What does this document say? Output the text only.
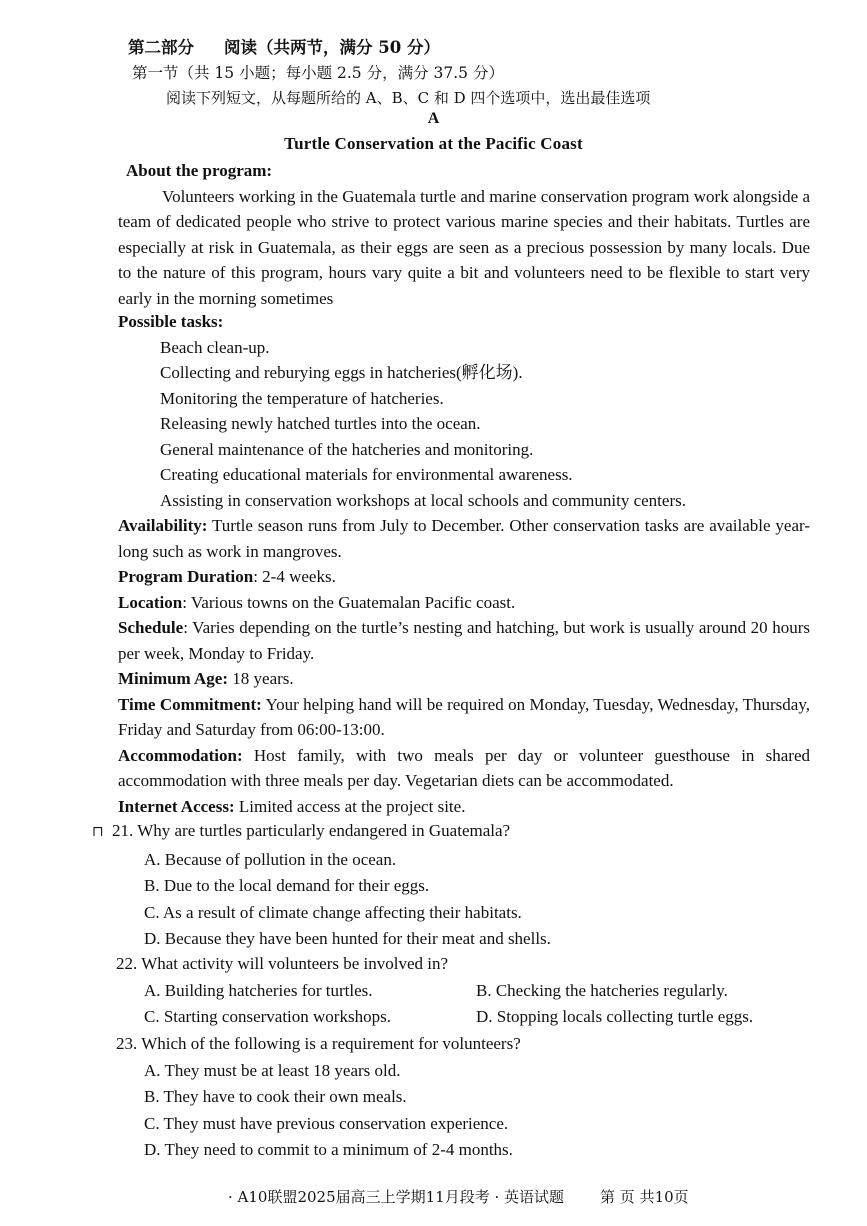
第二部分 阅读（共两节，满分 50 分）
第一节（共 15 小题；每小题 2.5 分，满分 37.5 分）
阅读下列短文，从每题所给的 A、B、C 和 D 四个选项中，选出最佳选项
A
Turtle Conservation at the Pacific Coast
About the program:
Volunteers working in the Guatemala turtle and marine conservation program work alongside a team of dedicated people who strive to protect various marine species and their habitats. Turtles are especially at risk in Guatemala, as their eggs are seen as a precious possession by many locals. Due to the nature of this program, hours vary quite a bit and volunteers need to be flexible to start very early in the morning sometimes
Possible tasks:
Beach clean-up.
Collecting and reburying eggs in hatcheries(孵化场).
Monitoring the temperature of hatcheries.
Releasing newly hatched turtles into the ocean.
General maintenance of the hatcheries and monitoring.
Creating educational materials for environmental awareness.
Assisting in conservation workshops at local schools and community centers.
Availability: Turtle season runs from July to December. Other conservation tasks are available year-long such as work in mangroves.
Program Duration: 2-4 weeks.
Location: Various towns on the Guatemalan Pacific coast.
Schedule: Varies depending on the turtle’s nesting and hatching, but work is usually around 20 hours per week, Monday to Friday.
Minimum Age: 18 years.
Time Commitment: Your helping hand will be required on Monday, Tuesday, Wednesday, Thursday, Friday and Saturday from 06:00-13:00.
Accommodation: Host family, with two meals per day or volunteer guesthouse in shared accommodation with three meals per day. Vegetarian diets can be accommodated.
Internet Access: Limited access at the project site.
⊓ 21. Why are turtles particularly endangered in Guatemala?
A. Because of pollution in the ocean.
B. Due to the local demand for their eggs.
C. As a result of climate change affecting their habitats.
D. Because they have been hunted for their meat and shells.
22. What activity will volunteers be involved in?
A. Building hatcheries for turtles.	B. Checking the hatcheries regularly.
C. Starting conservation workshops.	D. Stopping locals collecting turtle eggs.
23. Which of the following is a requirement for volunteers?
A. They must be at least 18 years old.
B. They have to cook their own meals.
C. They must have previous conservation experience.
D. They need to commit to a minimum of 2-4 months.
· A10联盟2025届高三上学期11月段考 · 英语试题 第 页 共10页
